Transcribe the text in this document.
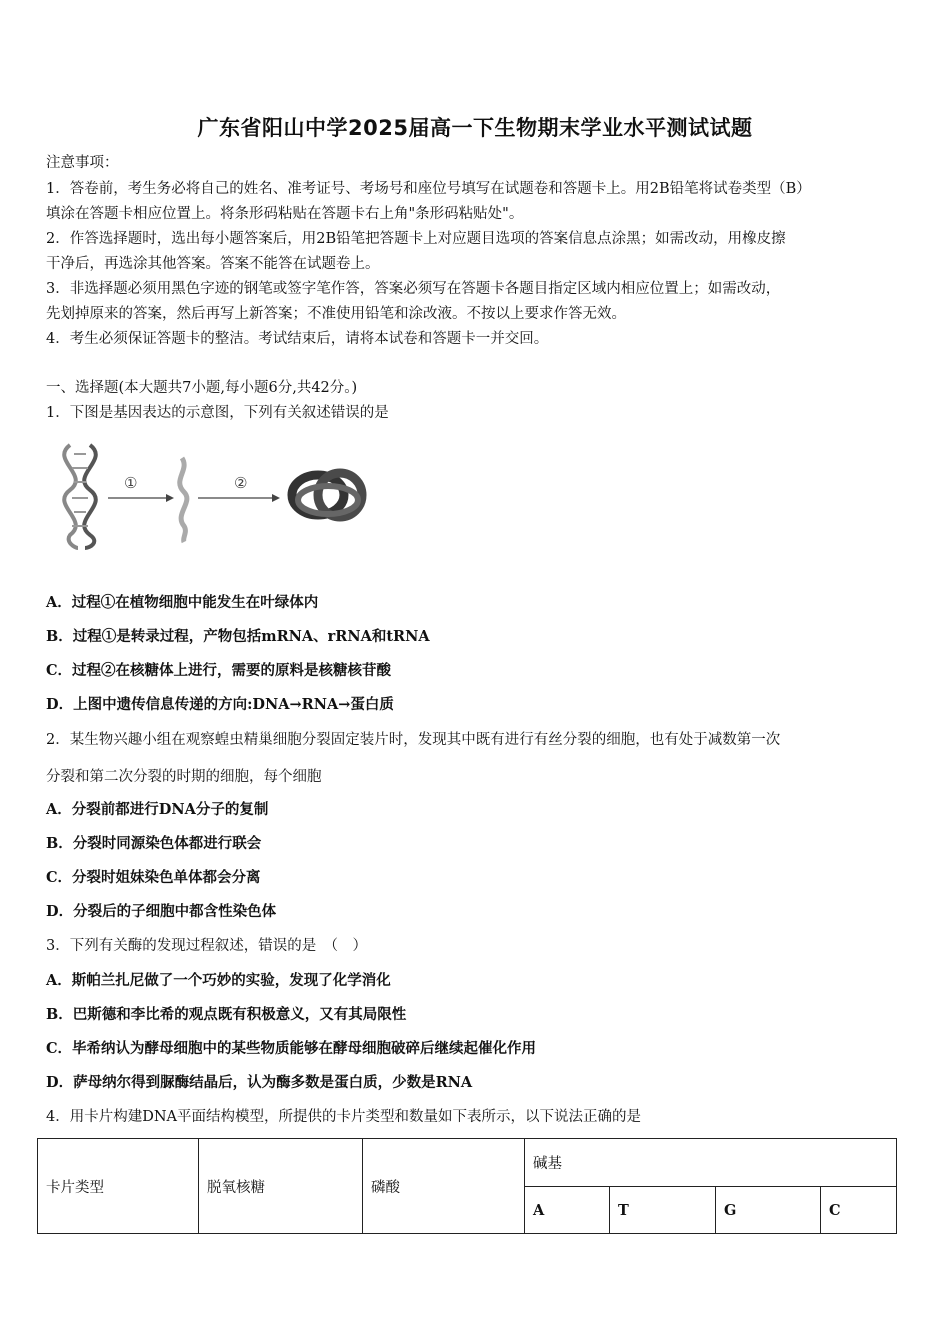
广东省阳山中学2025届高一下生物期末学业水平测试试题
注意事项：
1．答卷前，考生务必将自己的姓名、准考证号、考场号和座位号填写在试题卷和答题卡上。用2B铅笔将试卷类型（B）
填涂在答题卡相应位置上。将条形码粘贴在答题卡右上角"条形码粘贴处"。
2．作答选择题时，选出每小题答案后，用2B铅笔把答题卡上对应题目选项的答案信息点涂黑；如需改动，用橡皮擦
干净后，再选涂其他答案。答案不能答在试题卷上。
3．非选择题必须用黑色字迹的钢笔或签字笔作答，答案必须写在答题卡各题目指定区域内相应位置上；如需改动，
先划掉原来的答案，然后再写上新答案；不准使用铅笔和涂改液。不按以上要求作答无效。
4．考生必须保证答题卡的整洁。考试结束后，请将本试卷和答题卡一并交回。
一、选择题(本大题共7小题,每小题6分,共42分。)
1．下图是基因表达的示意图，下列有关叙述错误的是
①	②
A．过程①在植物细胞中能发生在叶绿体内
B．过程①是转录过程，产物包括mRNA、rRNA和tRNA
C．过程②在核糖体上进行，需要的原料是核糖核苷酸
D．上图中遗传信息传递的方向:DNA→RNA→蛋白质
2．某生物兴趣小组在观察蝗虫精巢细胞分裂固定装片时，发现其中既有进行有丝分裂的细胞，也有处于减数第一次
分裂和第二次分裂的时期的细胞，每个细胞
A．分裂前都进行DNA分子的复制
B．分裂时同源染色体都进行联会
C．分裂时姐妹染色单体都会分离
D．分裂后的子细胞中都含性染色体
3．下列有关酶的发现过程叙述，错误的是　（　）
A．斯帕兰扎尼做了一个巧妙的实验，发现了化学消化
B．巴斯德和李比希的观点既有积极意义，又有其局限性
C．毕希纳认为酵母细胞中的某些物质能够在酵母细胞破碎后继续起催化作用
D．萨母纳尔得到脲酶结晶后，认为酶多数是蛋白质，少数是RNA
4．用卡片构建DNA平面结构模型，所提供的卡片类型和数量如下表所示，以下说法正确的是
卡片类型	脱氧核糖	磷酸	碱基			
			A	T	G	C
